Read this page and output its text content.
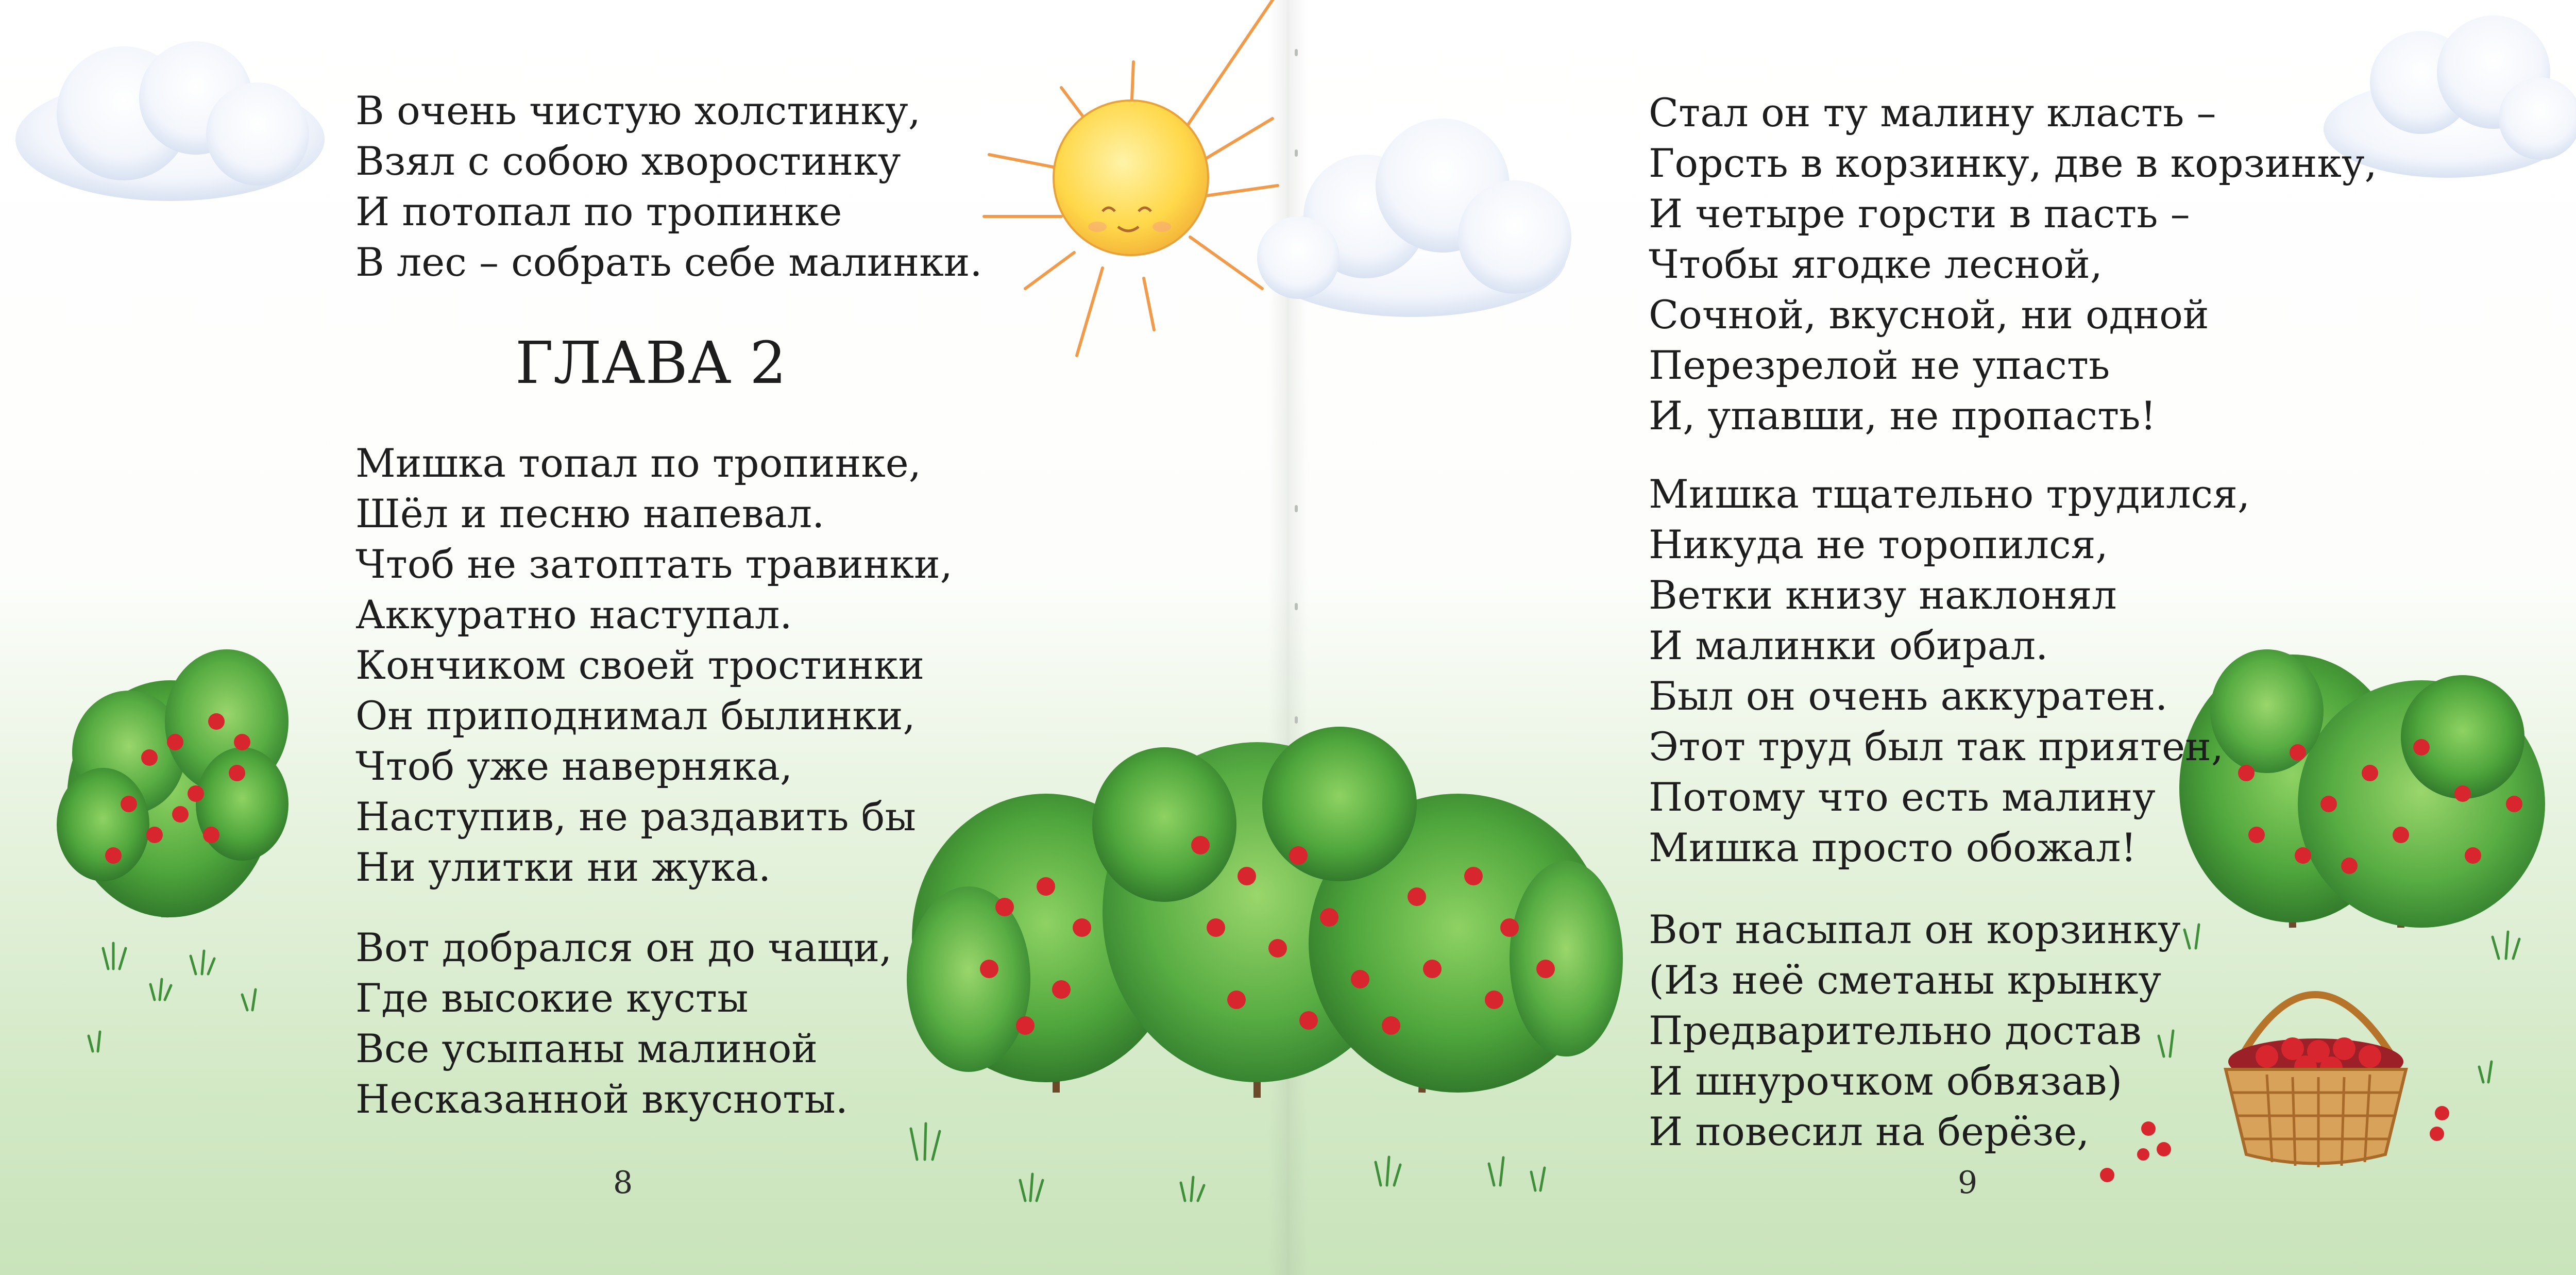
В очень чистую холстинку,
Взял с собою хворостинку
И потопал по тропинке
В лес – собрать себе малинки.
ГЛАВА 2
Мишка топал по тропинке,
Шёл и песню напевал.
Чтоб не затоптать травинки,
Аккуратно наступал.
Кончиком своей тростинки
Он приподнимал былинки,
Чтоб уже наверняка,
Наступив, не раздавить бы
Ни улитки ни жука.
Вот добрался он до чащи,
Где высокие кусты
Все усыпаны малиной
Несказанной вкусноты.
8
Стал он ту малину класть –
Горсть в корзинку, две в корзинку,
И четыре горсти в пасть –
Чтобы ягодке лесной,
Сочной, вкусной, ни одной
Перезрелой не упасть
И, упавши, не пропасть!
Мишка тщательно трудился,
Никуда не торопился,
Ветки книзу наклонял
И малинки обирал.
Был он очень аккуратен.
Этот труд был так приятен,
Потому что есть малину
Мишка просто обожал!
Вот насыпал он корзинку
(Из неё сметаны крынку
Предварительно достав
И шнурочком обвязав)
И повесил на берёзе,
9
